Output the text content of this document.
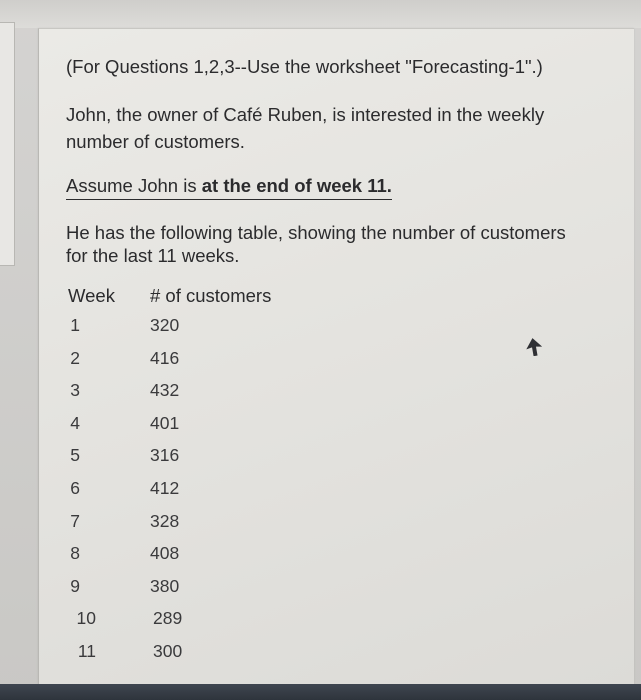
(For Questions 1,2,3--Use the worksheet "Forecasting-1".)
John, the owner of Café Ruben, is interested in the weekly
number of customers.
Assume John is at the end of week 11.
He has the following table, showing the number of customers
for the last 11 weeks.
Week # of customers
1	320
2	416
3	432
4	401
5	316
6	412
7	328
8	408
9	380
10	289
11	300
